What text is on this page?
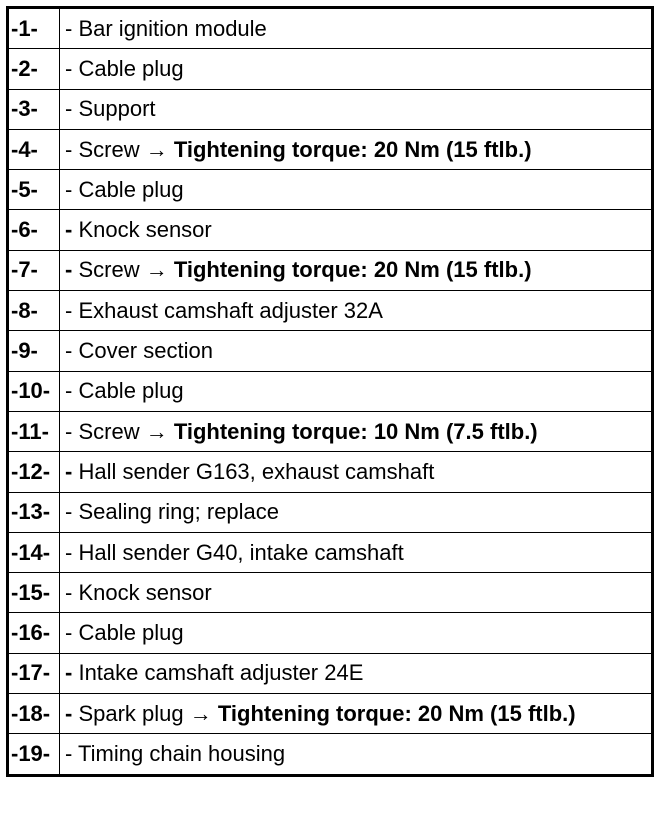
-1-	- Bar ignition module
-2-	- Cable plug
-3-	- Support
-4-	- Screw → Tightening torque: 20 Nm (15 ftlb.)
-5-	- Cable plug
-6-	- Knock sensor
-7-	- Screw → Tightening torque: 20 Nm (15 ftlb.)
-8-	- Exhaust camshaft adjuster 32A
-9-	- Cover section
-10-	- Cable plug
-11-	- Screw → Tightening torque: 10 Nm (7.5 ftlb.)
-12-	- Hall sender G163, exhaust camshaft
-13-	- Sealing ring; replace
-14-	- Hall sender G40, intake camshaft
-15-	- Knock sensor
-16-	- Cable plug
-17-	- Intake camshaft adjuster 24E
-18-	- Spark plug → Tightening torque: 20 Nm (15 ftlb.)
-19-	- Timing chain housing
